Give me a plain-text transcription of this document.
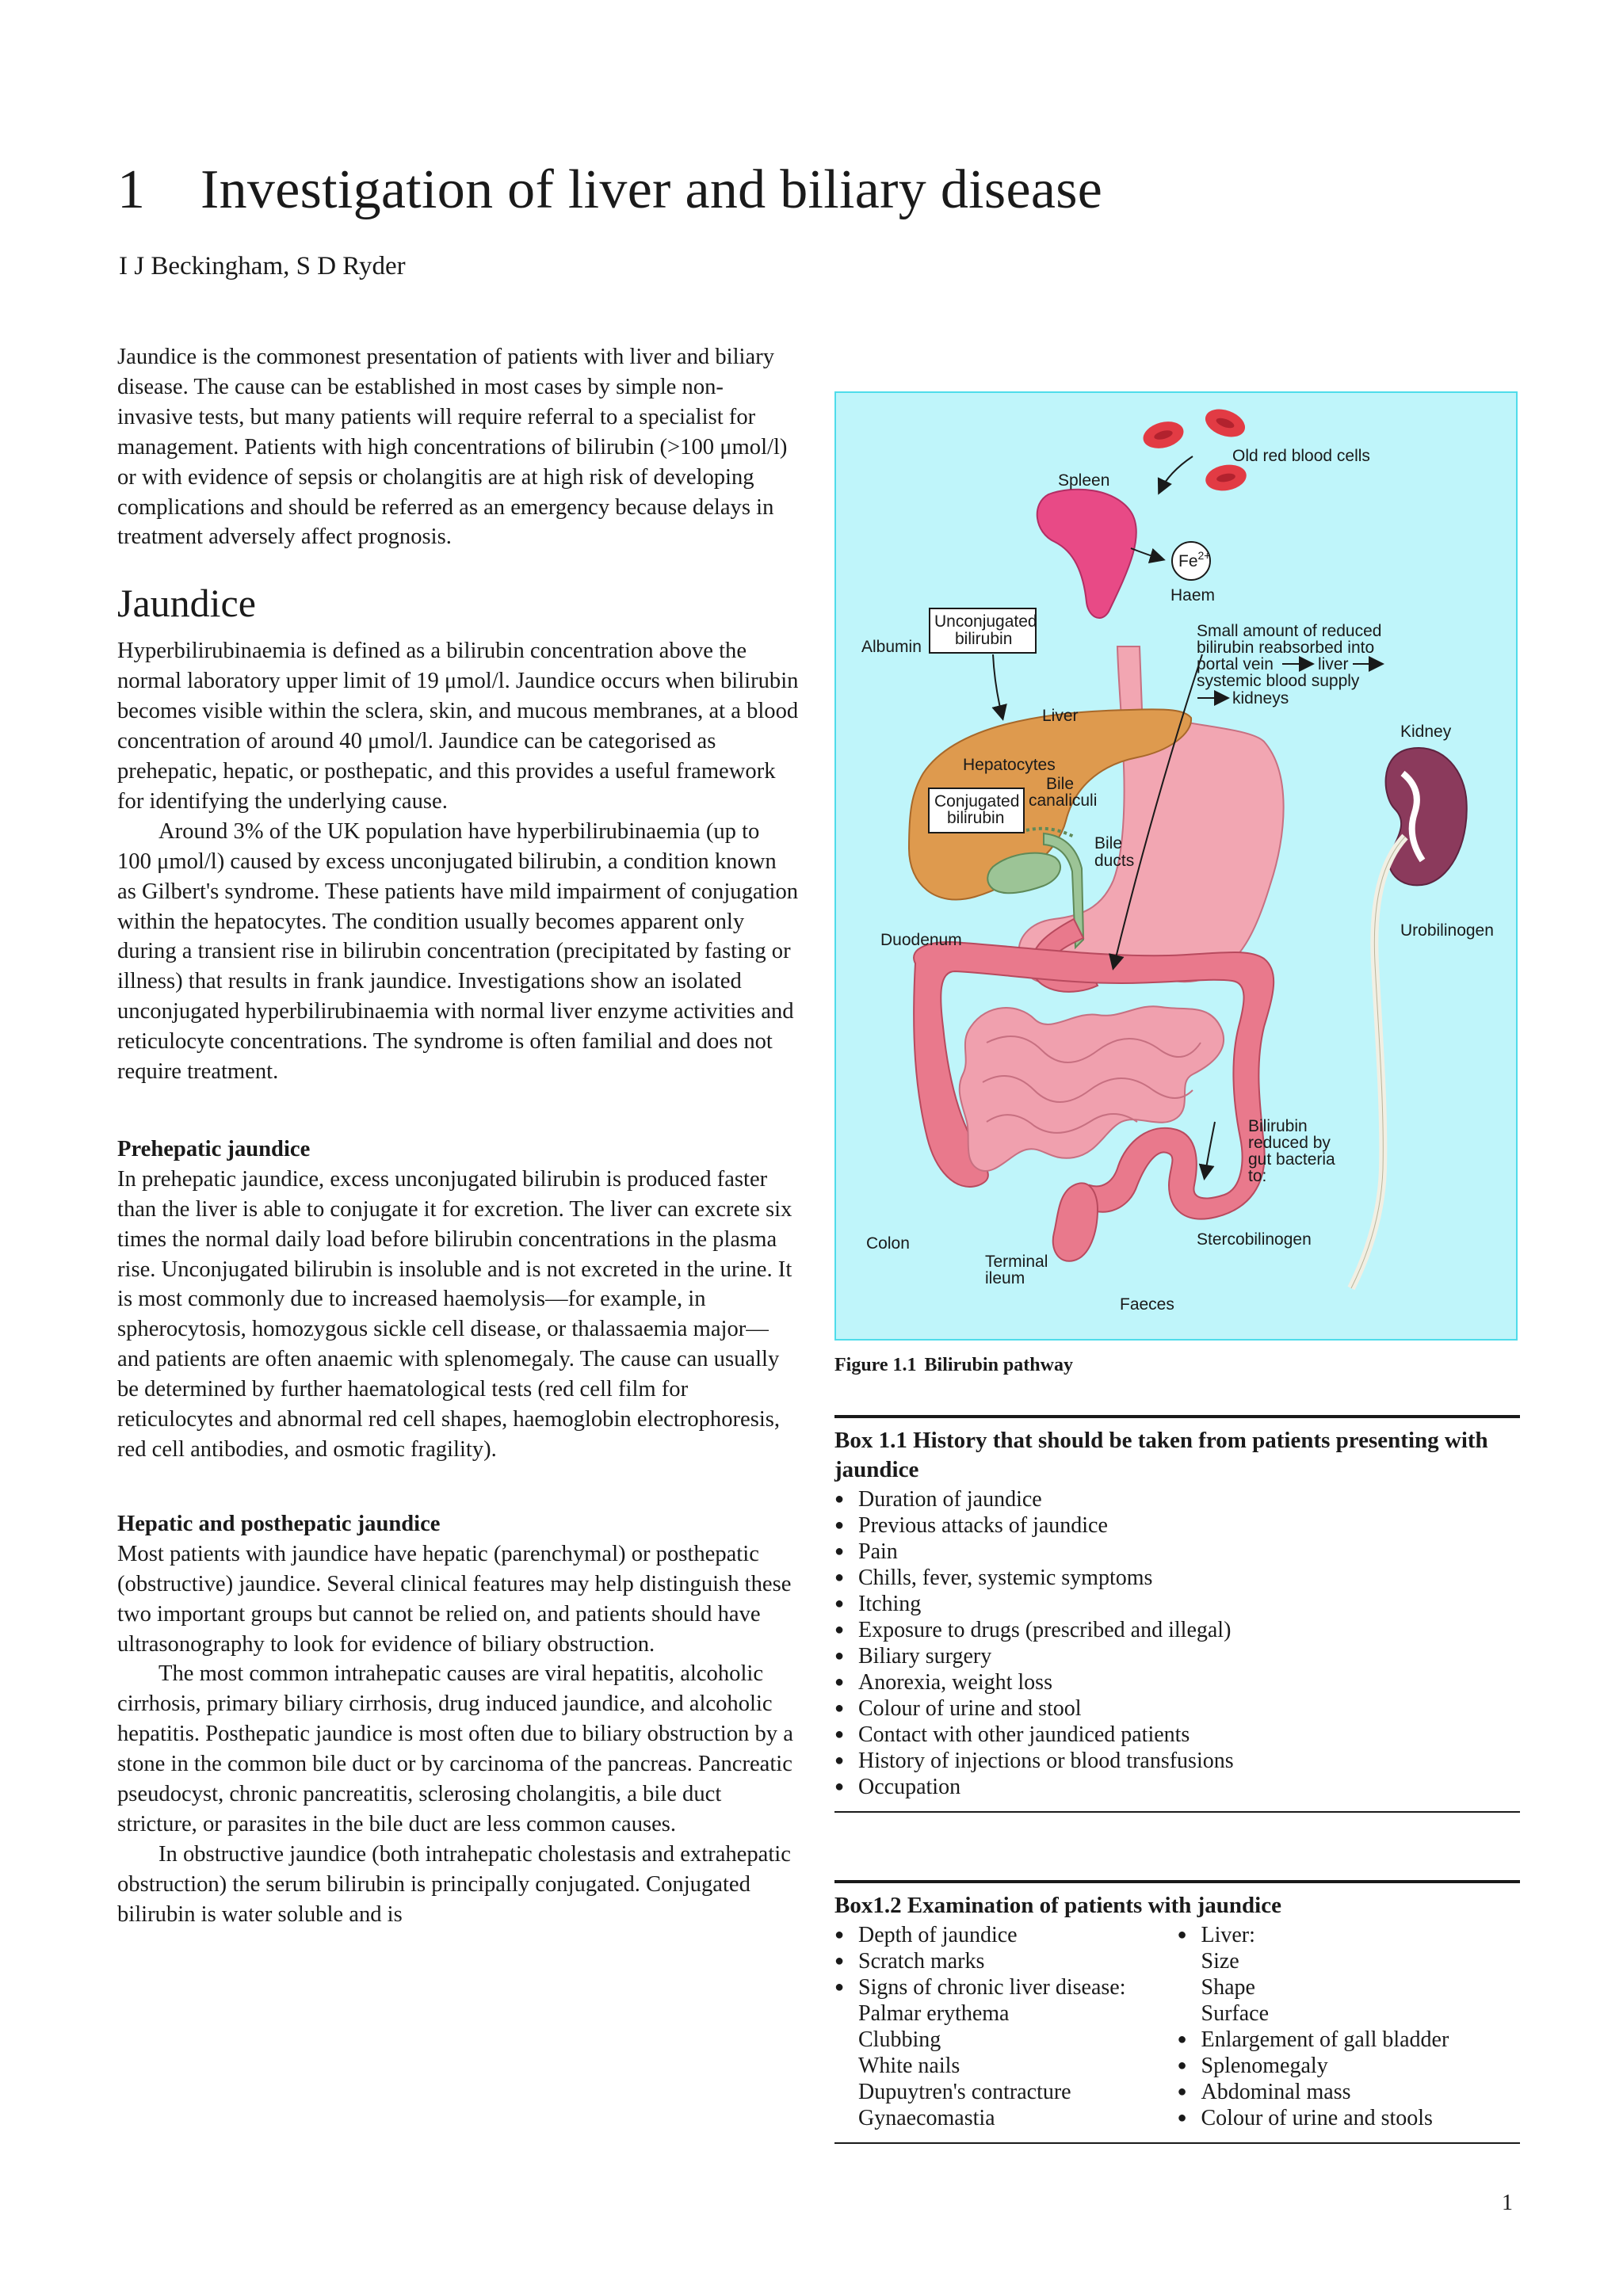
1 Investigation of liver and biliary disease
I J Beckingham, S D Ryder

Jaundice is the commonest presentation of patients with liver and biliary disease. The cause can be established in most cases by simple non-invasive tests, but many patients will require referral to a specialist for management. Patients with high concentrations of bilirubin (>100 μmol/l) or with evidence of sepsis or cholangitis are at high risk of developing complications and should be referred as an emergency because delays in treatment adversely affect prognosis.

Jaundice

Hyperbilirubinaemia is defined as a bilirubin concentration above the normal laboratory upper limit of 19 μmol/l. Jaundice occurs when bilirubin becomes visible within the sclera, skin, and mucous membranes, at a blood concentration of around 40 μmol/l. Jaundice can be categorised as prehepatic, hepatic, or posthepatic, and this provides a useful framework for identifying the underlying cause.

Around 3% of the UK population have hyperbilirubinaemia (up to 100 μmol/l) caused by excess unconjugated bilirubin, a condition known as Gilbert's syndrome. These patients have mild impairment of conjugation within the hepatocytes. The condition usually becomes apparent only during a transient rise in bilirubin concentration (precipitated by fasting or illness) that results in frank jaundice. Investigations show an isolated unconjugated hyperbilirubinaemia with normal liver enzyme activities and reticulocyte concentrations. The syndrome is often familial and does not require treatment.

Prehepatic jaundice

In prehepatic jaundice, excess unconjugated bilirubin is produced faster than the liver is able to conjugate it for excretion. The liver can excrete six times the normal daily load before bilirubin concentrations in the plasma rise. Unconjugated bilirubin is insoluble and is not excreted in the urine. It is most commonly due to increased haemolysis—for example, in spherocytosis, homozygous sickle cell disease, or thalassaemia major—and patients are often anaemic with splenomegaly. The cause can usually be determined by further haematological tests (red cell film for reticulocytes and abnormal red cell shapes, haemoglobin electrophoresis, red cell antibodies, and osmotic fragility).

Hepatic and posthepatic jaundice

Most patients with jaundice have hepatic (parenchymal) or posthepatic (obstructive) jaundice. Several clinical features may help distinguish these two important groups but cannot be relied on, and patients should have ultrasonography to look for evidence of biliary obstruction.

The most common intrahepatic causes are viral hepatitis, alcoholic cirrhosis, primary biliary cirrhosis, drug induced jaundice, and alcoholic hepatitis. Posthepatic jaundice is most often due to biliary obstruction by a stone in the common bile duct or by carcinoma of the pancreas. Pancreatic pseudocyst, chronic pancreatitis, sclerosing cholangitis, a bile duct stricture, or parasites in the bile duct are less common causes.

In obstructive jaundice (both intrahepatic cholestasis and extrahepatic obstruction) the serum bilirubin is principally conjugated. Conjugated bilirubin is water soluble and is

Old red blood cells
Spleen
$Fe^{2+}$
Haem
Albumin
Unconjugated
bilirubin	Small amount of reduced
bilirubin reabsorbed into
portal vein	liver
systemic blood supply
kidneys
Liver
Kidney
Hepatocytes
Bile
canaliculi
Conjugated
bilirubin
Bile
ducts
Duodenum
Urobilinogen
Bilirubin
reduced by
gut bacteria
to:
Stercobilinogen
Colon
Terminal
ileum
Faeces
Figure 1.1 Bilirubin pathway
Box 1.1 History that should be taken from patients presenting with jaundice
● Duration of jaundice
● Previous attacks of jaundice
● Pain
● Chills, fever, systemic symptoms
● Itching
● Exposure to drugs (prescribed and illegal)
● Biliary surgery
● Anorexia, weight loss
● Colour of urine and stool
● Contact with other jaundiced patients
● History of injections or blood transfusions
● Occupation
Box1.2 Examination of patients with jaundice
● Depth of jaundice
● Scratch marks
● Signs of chronic liver disease:
Palmar erythema
Clubbing
White nails
Dupuytren's contracture
Gynaecomastia
● Liver:
Size
Shape
Surface
● Enlargement of gall bladder
● Splenomegaly
● Abdominal mass
● Colour of urine and stools
1
